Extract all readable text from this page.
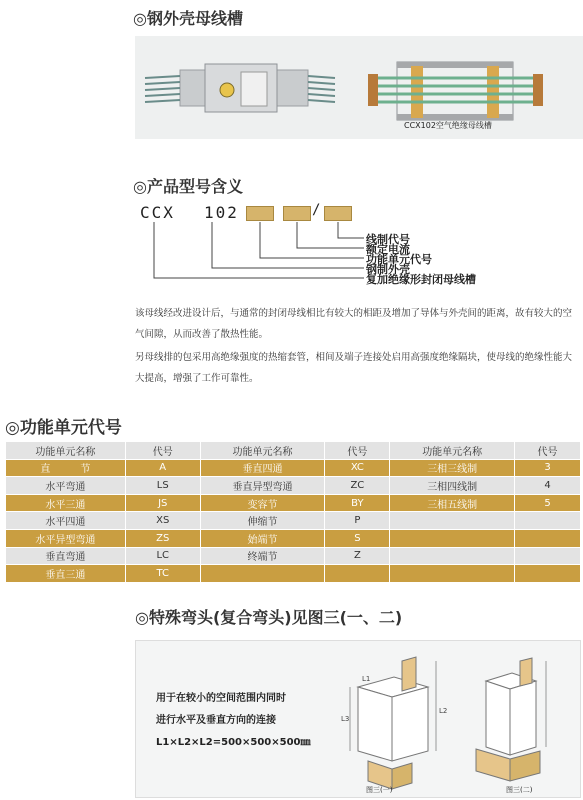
◎钢外壳母线槽
CCX102空气绝缘母线槽
◎产品型号含义
CCX 102	/
线制代号
额定电流
功能单元代号
钢制外壳
复加绝缘形封闭母线槽
该母线经改进设计后，与通常的封闭母线相比有较大的相距及增加了导体与外壳间的距离，故有较大的空气间隙，从而改善了散热性能。
另母线排的包采用高绝缘强度的热缩套管，相间及端子连接处启用高强度绝缘隔块，使母线的绝缘性能大大提高，增强了工作可靠性。
◎功能单元代号
功能单元名称	代号	功能单元名称	代号	功能单元名称	代号
直　　　节	A	垂直四通	XC	三相三线制	3
水平弯通	LS	垂直异型弯通	ZC	三相四线制	4
水平三通	JS	变容节	BY	三相五线制	5
水平四通	XS	伸缩节	P		
水平异型弯通	ZS	始端节	S		
垂直弯通	LC	终端节	Z		
垂直三通	TC				
◎特殊弯头(复合弯头)见图三(一、二)
用于在较小的空间范围内同时
进行水平及垂直方向的连接
L1×L2×L2=500×500×500㎜
L1
L2
L3
图三(一)	图三(二)
